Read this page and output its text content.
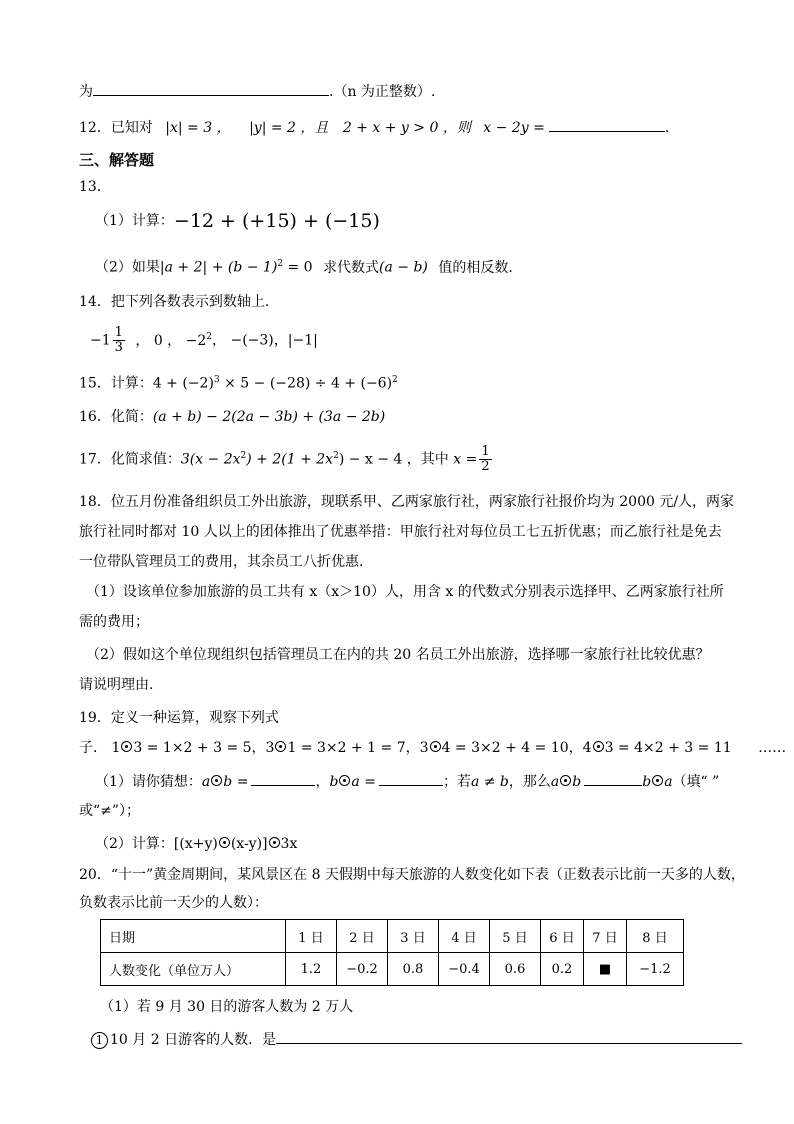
为	.（n 为正整数）.
12．已知对 |x| = 3 ， |y| = 2 ，且 2 + x + y > 0 ，则 x − 2y =	.
三、解答题
13．
（1）计算：−12 + (+15) + (−15)
（2）如果$|a + 2| + (b - 1)^2 = 0$ 求代数式(a − b) 值的相反数.
14．把下列各数表示到数轴上.
$-1 \frac{1}{3}$ ， 0 ， $-2^2$， −(−3)，|−1|
15．计算：$4 + (-2)^3 \times 5 - (-28) \div 4 + (-6)^2$
16．化简：(a + b) − 2(2a − 3b) + (3a − 2b)
17．化简求值：$3(x - 2x^2) + 2(1 + 2x^2) - x - 4$ ，其中 $x = \frac{1}{2}$
18．位五月份准备组织员工外出旅游，现联系甲、乙两家旅行社，两家旅行社报价均为 2000 元/人，两家
旅行社同时都对 10 人以上的团体推出了优惠举措：甲旅行社对每位员工七五折优惠；而乙旅行社是免去
一位带队管理员工的费用，其余员工八折优惠.
（1）设该单位参加旅游的员工共有 x（x＞10）人，用含 x 的代数式分别表示选择甲、乙两家旅行社所
需的费用；
（2）假如这个单位现组织包括管理员工在内的共 20 名员工外出旅游，选择哪一家旅行社比较优惠？
请说明理由.
19．定义一种运算，观察下列式
子． 1 3 = 1×2 + 3 = 5，3 1 = 3×2 + 1 = 7，3 4 = 3×2 + 4 = 10，4 3 = 4×2 + 3 = 11 ……
（1）请你猜想：a b =	，b a =	；若a ≠ b，那么a b	b a（填“ ”
或“≠”）；
（2）计算：[(x+y) (x-y)] 3x
20．“十一”黄金周期间，某风景区在 8 天假期中每天旅游的人数变化如下表（正数表示比前一天多的人数，
负数表示比前一天少的人数）：
日期	1 日	2 日	3 日	4 日	5 日	6 日	7 日	8 日
人数变化（单位万人）	1.2	−0.2	0.8	−0.4	0.6	0.2	■	−1.2
（1）若 9 月 30 日的游客人数为 2 万人
1 10 月 2 日游客的人数．是
